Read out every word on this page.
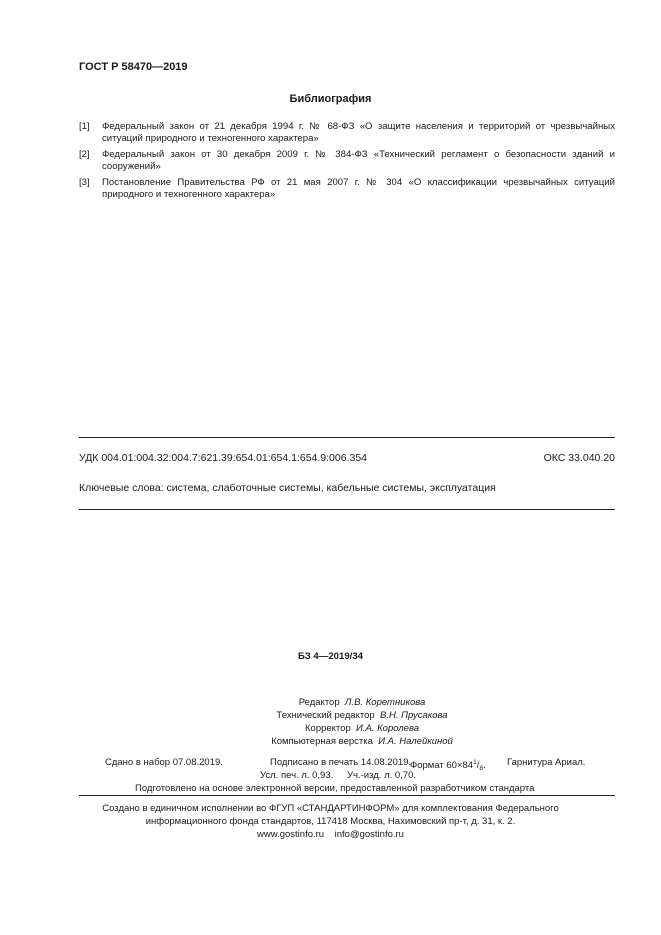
ГОСТ Р 58470—2019
Библиография
[1]	Федеральный закон от 21 декабря 1994 г. № 68-ФЗ «О защите населения и территорий от чрезвычайных ситуаций природного и техногенного характера»
[2]	Федеральный закон от 30 декабря 2009 г. № 384-ФЗ «Технический регламент о безопасности зданий и сооружений»
[3]	Постановление Правительства РФ от 21 мая 2007 г. № 304 «О классификации чрезвычайных ситуаций природного и техногенного характера»
УДК 004.01:004.32:004.7:621.39:654.01:654.1:654.9:006.354	ОКС 33.040.20
Ключевые слова: система, слаботочные системы, кабельные системы, эксплуатация
БЗ 4—2019/34
Редактор Л.В. Коретникова
Технический редактор В.Н. Прусакова
Корректор И.А. Королева
Компьютерная верстка И.А. Налейкиной
Сдано в набор 07.08.2019.	Подписано в печать 14.08.2019.
Формат $60\times 84^1/_8$. Гарнитура Ариал.
Усл. печ. л. 0,93. Уч.-изд. л. 0,70.
Подготовлено на основе электронной версии, предоставленной разработчиком стандарта
Создано в единичном исполнении во ФГУП «СТАНДАРТИНФОРМ» для комплектования Федерального
информационного фонда стандартов, 117418 Москва, Нахимовский пр-т, д. 31, к. 2.
www.gostinfo.ru info@gostinfo.ru
